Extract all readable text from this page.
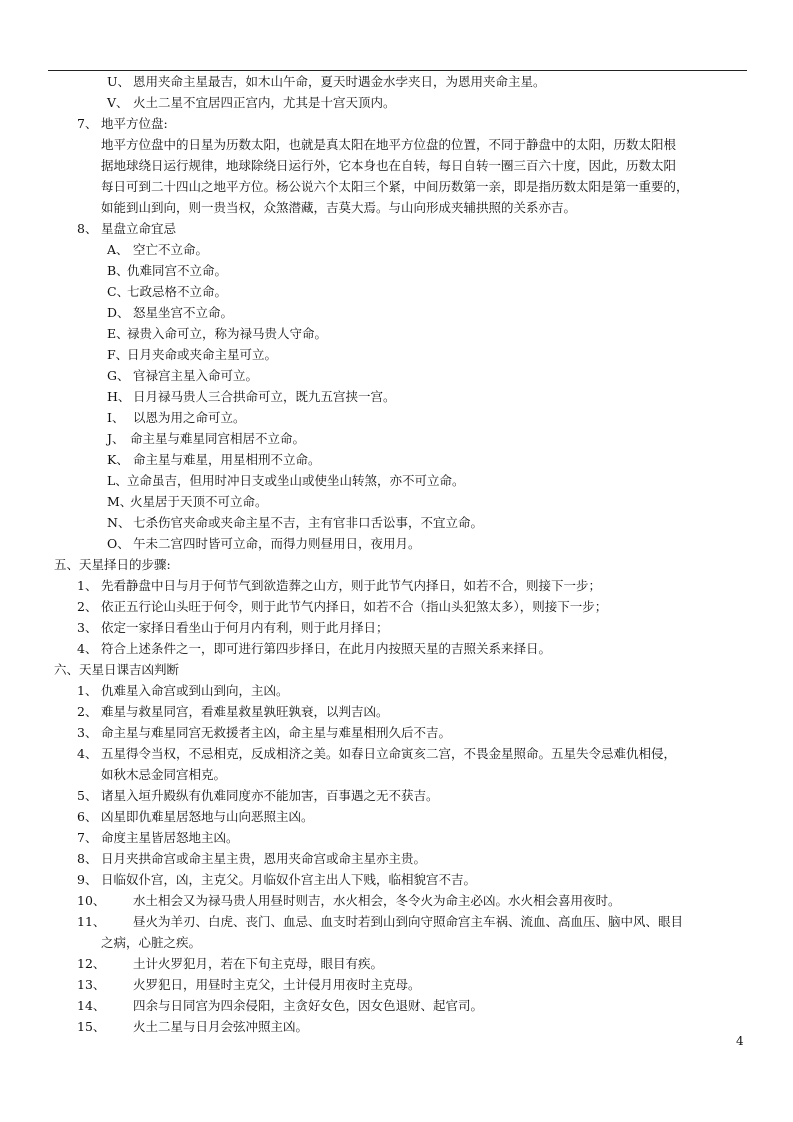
U、 恩用夹命主星最吉，如木山午命，夏天时遇金水孛夹日，为恩用夹命主星。
V、 火土二星不宜居四正宫内，尤其是十宫天顶内。
7、 地平方位盘:
地平方位盘中的日星为历数太阳，也就是真太阳在地平方位盘的位置，不同于静盘中的太阳，历数太阳根
据地球绕日运行规律，地球除绕日运行外，它本身也在自转，每日自转一圈三百六十度，因此，历数太阳
每日可到二十四山之地平方位。杨公说六个太阳三个紧，中间历数第一亲，即是指历数太阳是第一重要的，
如能到山到向，则一贵当权，众煞潜藏，吉莫大焉。与山向形成夹辅拱照的关系亦吉。
8、 星盘立命宜忌
A、 空亡不立命。
B、
仇难同宫不立命。
C、
七政忌格不立命。
D、 怒星坐宫不立命。
E、
禄贵入命可立，称为禄马贵人守命。
F、
日月夹命或夹命主星可立。
G、 官禄宫主星入命可立。
H、 日月禄马贵人三合拱命可立，既九五宫挟一宫。
I、 以恩为用之命可立。
J、 命主星与难星同宫相居不立命。
K、 命主星与难星，用星相刑不立命。
L、 立命虽吉，但用时冲日支或坐山或使坐山转煞，亦不可立命。
M、
火星居于天顶不可立命。
N、 七杀伤官夹命或夹命主星不吉，主有官非口舌讼事，不宜立命。
O、 午未二宫四时皆可立命，而得力则昼用日，夜用月。
五、天星择日的步骤:
1、 先看静盘中日与月于何节气到欲造葬之山方，则于此节气内择日，如若不合，则接下一步；
2、 依正五行论山头旺于何令，则于此节气内择日，如若不合（指山头犯煞太多），则接下一步；
3、 依定一家择日看坐山于何月内有利，则于此月择日；
4、 符合上述条件之一，即可进行第四步择日，在此月内按照天星的吉照关系来择日。
六、天星日课吉凶判断
1、 仇难星入命宫或到山到向，主凶。
2、 难星与救星同宫，看难星救星孰旺孰衰，以判吉凶。
3、 命主星与难星同宫无救援者主凶，命主星与难星相刑久后不吉。
4、 五星得令当权，不忌相克，反成相济之美。如春日立命寅亥二宫，不畏金星照命。五星失令忌难仇相侵，
如秋木忌金同宫相克。
5、 诸星入垣升殿纵有仇难同度亦不能加害，百事遇之无不获吉。
6、 凶星即仇难星居怒地与山向恶照主凶。
7、 命度主星皆居怒地主凶。
8、 日月夹拱命宫或命主星主贵，恩用夹命宫或命主星亦主贵。
9、 日临奴仆宫，凶，主克父。月临奴仆宫主出人下贱，临相貌宫不吉。
10、 水土相会又为禄马贵人用昼时则吉，水火相会，冬令火为命主必凶。水火相会喜用夜时。
11、 昼火为羊刃、白虎、丧门、血忌、血支时若到山到向守照命宫主车祸、流血、高血压、脑中风、眼目
之病，心脏之疾。
12、 土计火罗犯月，若在下旬主克母，眼目有疾。
13、 火罗犯日，用昼时主克父，土计侵月用夜时主克母。
14、 四余与日同宫为四余侵阳，主贪好女色，因女色退财、起官司。
15、 火土二星与日月会弦冲照主凶。
4
